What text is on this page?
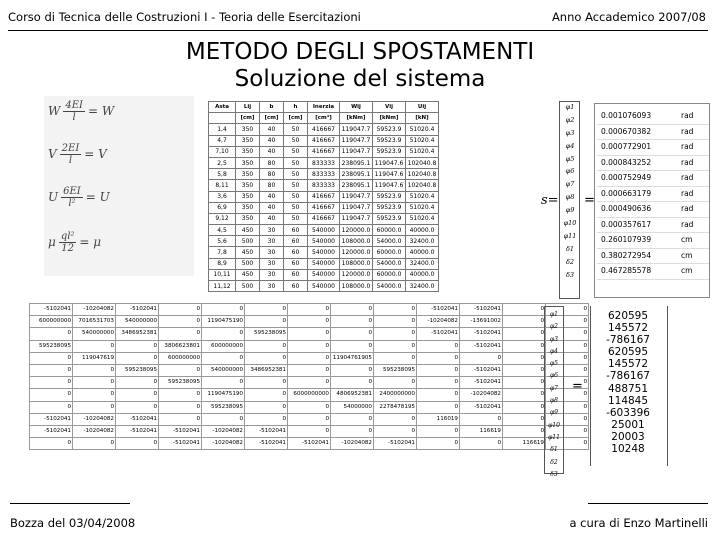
Corso di Tecnica delle Costruzioni I - Teoria delle Esercitazioni	Anno Accademico 2007/08
METODO DEGLI SPOSTAMENTI
Soluzione del sistema
W $\frac{4EI}{l} = W$
V $\frac{2EI}{l} = V$
U $\frac{6EI}{\text{l²}} = U$
μ $\frac{\text{ql²}}{12} = \mu$
Asta	Lij	b	h	Inerzia	Wij	Vij	Uij
	[cm]	[cm]	[cm]	[cm⁴]	[kNm]	[kNm]	[kN]
1,4	350	40	50	416667	119047.7	59523.9	51020.4
4,7	350	40	50	416667	119047.7	59523.9	51020.4
7,10	350	40	50	416667	119047.7	59523.9	51020.4
2,5	350	80	50	833333	238095.1	119047.6	102040.8
5,8	350	80	50	833333	238095.1	119047.6	102040.8
8,11	350	80	50	833333	238095.1	119047.6	102040.8
3,6	350	40	50	416667	119047.7	59523.9	51020.4
6,9	350	40	50	416667	119047.7	59523.9	51020.4
9,12	350	40	50	416667	119047.7	59523.9	51020.4
4,5	450	30	60	540000	120000.0	60000.0	40000.0
5,6	500	30	60	540000	108000.0	54000.0	32400.0
7,8	450	30	60	540000	120000.0	60000.0	40000.0
8,9	500	30	60	540000	108000.0	54000.0	32400.0
10,11	450	30	60	540000	120000.0	60000.0	40000.0
11,12	500	30	60	540000	108000.0	54000.0	32400.0
φ1
φ2
φ3
φ4
φ5
φ6
φ7
φ8
φ9
φ10
φ11
δ1
δ2
δ3
s= =
0.001076093	rad
0.000670382	rad
0.000772901	rad
0.000843252	rad
0.000752949	rad
0.000663179	rad
0.000490636	rad
0.000357617	rad
0.260107939	cm
0.380272954	cm
0.467285578	cm
-5102041	-10204082	-5102041	0	0	0	0	0	0	-5102041	-5102041	0	0
600000000	7016531703	540000000	0	1190475190	0	0	0	0	-10204082	-13691002	0	0
0	540000000	3486952381	0	0	595238095	0	0	0	-5102041	-5102041	0	0
595238095	0	0	3806623801	600000000	0	0	0	0	0	-5102041	0	0
0	119047619	0	600000000	0	0	0	11904761905	0	0	0	0	0
0	0	595238095	0	540000000	3486952381	0	0	595238095	0	-5102041	0	0
0	0	0	595238095	0	0	0	0	0	0	-5102041	0	0
0	0	0	0	1190475190	0	6000000000	4806952381	2400000000	0	-10204082	0	0
0	0	0	0	595238095	0	0	54000000	2278478195	0	-5102041	0	0
-5102041	-10204082	-5102041	0	0	0	0	0	0	116019	0	0	0
-5102041	-10204082	-5102041	-5102041	-10204082	-5102041	0	0	0	0	116619	0	0
0	0	0	-5102041	-10204082	-5102041	-5102041	-10204082	-5102041	0	0	116619	0
φ1
φ2
φ3
φ4
φ5
φ6
φ7
φ8
φ9
φ10
φ11
δ1
δ2
δ3
=
620595
145572
-786167
620595
145572
-786167
488751
114845
-603396
25001
20003
10248
Bozza del 03/04/2008	a cura di Enzo Martinelli
